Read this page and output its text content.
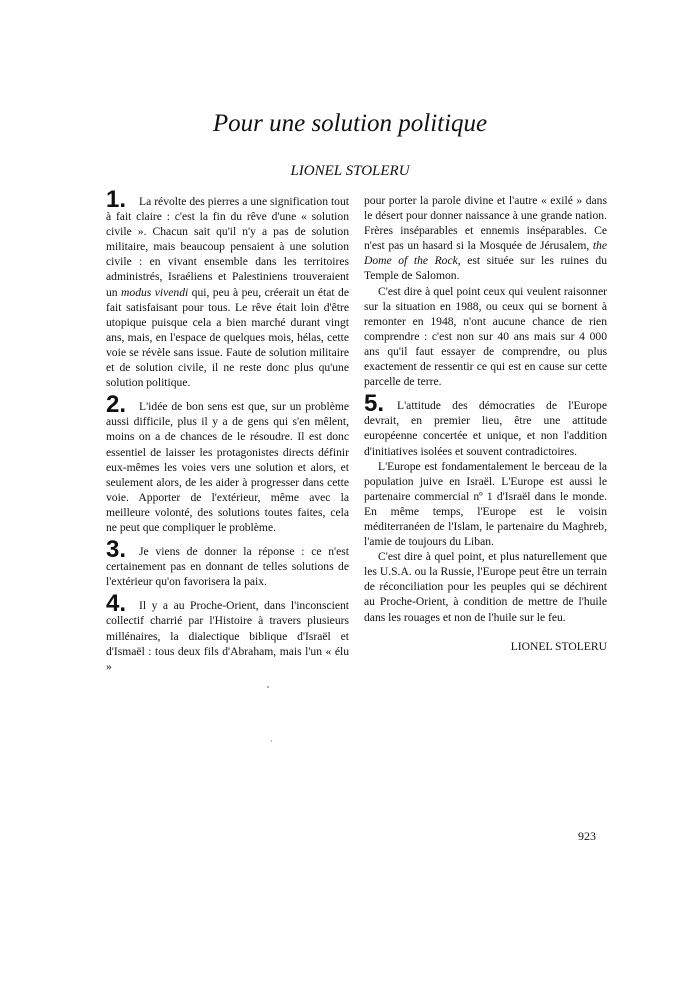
Pour une solution politique
LIONEL STOLERU

1. La révolte des pierres a une signification tout à fait claire : c'est la fin du rêve d'une « solution civile ». Chacun sait qu'il n'y a pas de solution militaire, mais beaucoup pensaient à une solution civile : en vivant ensemble dans les territoires administrés, Israéliens et Palestiniens trouveraient un modus vivendi qui, peu à peu, créerait un état de fait satisfaisant pour tous. Le rêve était loin d'être utopique puisque cela a bien marché durant vingt ans, mais, en l'espace de quelques mois, hélas, cette voie se révèle sans issue. Faute de solution militaire et de solution civile, il ne reste donc plus qu'une solution politique.

2. L'idée de bon sens est que, sur un problème aussi difficile, plus il y a de gens qui s'en mêlent, moins on a de chances de le résoudre. Il est donc essentiel de laisser les protagonistes directs définir eux-mêmes les voies vers une solution et alors, et seulement alors, de les aider à progresser dans cette voie. Apporter de l'extérieur, même avec la meilleure volonté, des solutions toutes faites, cela ne peut que compliquer le problème.

3. Je viens de donner la réponse : ce n'est certainement pas en donnant de telles solutions de l'extérieur qu'on favorisera la paix.

4. Il y a au Proche-Orient, dans l'inconscient collectif charrié par l'Histoire à travers plusieurs millénaires, la dialectique biblique d'Israël et d'Ismaël : tous deux fils d'Abraham, mais l'un « élu »

pour porter la parole divine et l'autre « exilé » dans le désert pour donner naissance à une grande nation. Frères inséparables et ennemis inséparables. Ce n'est pas un hasard si la Mosquée de Jérusalem, the Dome of the Rock, est située sur les ruines du Temple de Salomon.

C'est dire à quel point ceux qui veulent raisonner sur la situation en 1988, ou ceux qui se bornent à remonter en 1948, n'ont aucune chance de rien comprendre : c'est non sur 40 ans mais sur 4 000 ans qu'il faut essayer de comprendre, ou plus exactement de ressentir ce qui est en cause sur cette parcelle de terre.

5. L'attitude des démocraties de l'Europe devrait, en premier lieu, être une attitude européenne concertée et unique, et non l'addition d'initiatives isolées et souvent contradictoires.

L'Europe est fondamentalement le berceau de la population juive en Israël. L'Europe est aussi le partenaire commercial nº 1 d'Israël dans le monde. En même temps, l'Europe est le voisin méditerranéen de l'Islam, le partenaire du Maghreb, l'amie de toujours du Liban.

C'est dire à quel point, et plus naturellement que les U.S.A. ou la Russie, l'Europe peut être un terrain de réconciliation pour les peuples qui se déchirent au Proche-Orient, à condition de mettre de l'huile dans les rouages et non de l'huile sur le feu.

LIONEL STOLERU

923
